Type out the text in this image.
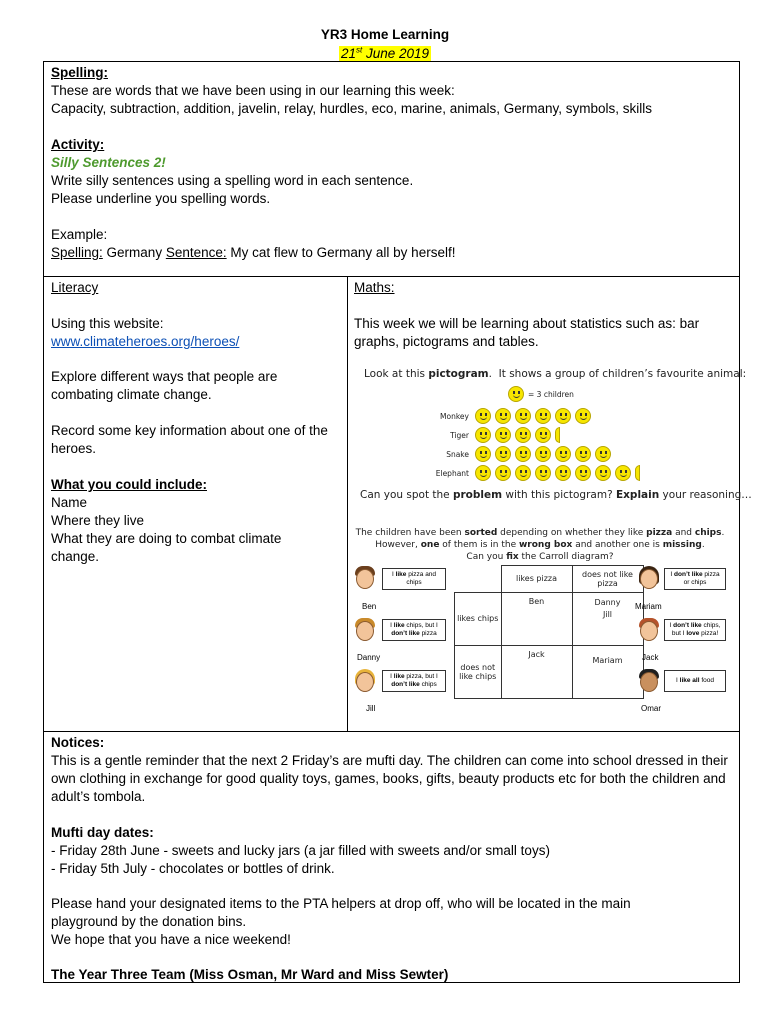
YR3 Home Learning
21st June 2019
Spelling:
These are words that we have been using in our learning this week:
Capacity, subtraction, addition, javelin, relay, hurdles, eco, marine, animals, Germany, symbols, skills
Activity:
Silly Sentences 2!
Write silly sentences using a spelling word in each sentence.
Please underline you spelling words.
Example:
Spelling: Germany Sentence: My cat flew to Germany all by herself!
Literacy
Using this website:
www.climateheroes.org/heroes/
Explore different ways that people are combating climate change.
Record some key information about one of the heroes.
What you could include:
Name
Where they live
What they are doing to combat climate change.
Maths:
This week we will be learning about statistics such as: bar graphs, pictograms and tables.
Look at this pictogram.  It shows a group of children’s favourite animal:
= 3 children
Monkey
Tiger
Snake
Elephant
Can you spot the problem with this pictogram? Explain your reasoning…
The children have been sorted depending on whether they like pizza and chips.
However, one of them is in the wrong box and another one is missing.
Can you fix the Carroll diagram?
	likes pizza	does not like pizza
likes chips	Ben	Danny
Jill

does not like chips	Jack	Mariam
I like pizza and chips
Ben
I like chips, but I don’t like pizza
Danny
I like pizza, but I don’t like chips
Jill
I don’t like pizza or chips
Mariam
I don’t like chips, but I love pizza!
Jack
I like all food
Omar
Notices:
This is a gentle reminder that the next 2 Friday’s are mufti day. The children can come into school dressed in their own clothing in exchange for good quality toys, games, books, gifts, beauty products etc for both the children and adult’s tombola.
Mufti day dates:
- Friday 28th June - sweets and lucky jars (a jar filled with sweets and/or small toys)
- Friday 5th July - chocolates or bottles of drink.
Please hand your designated items to the PTA helpers at drop off, who will be located in the main playground by the donation bins.
We hope that you have a nice weekend!
The Year Three Team (Miss Osman, Mr Ward and Miss Sewter)
